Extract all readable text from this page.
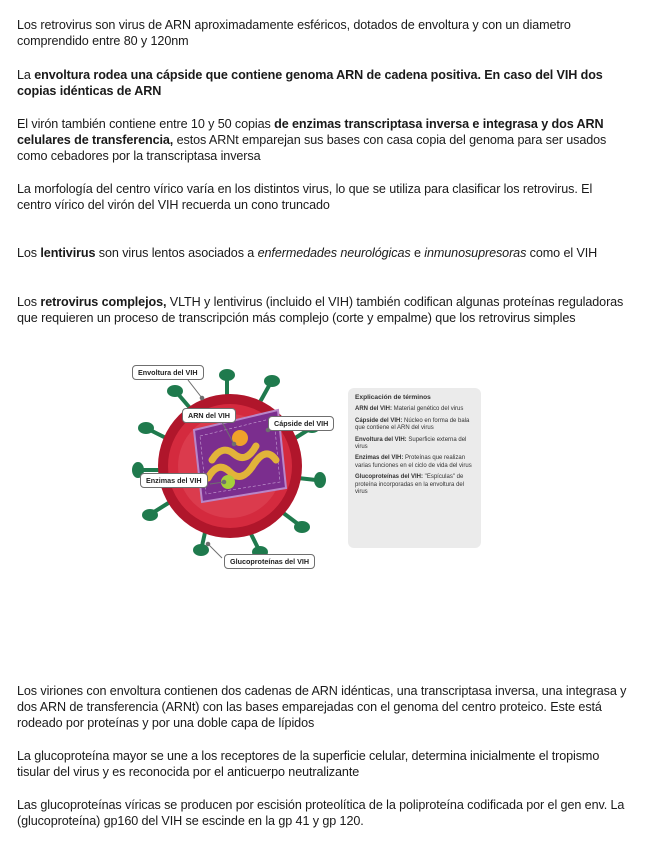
Los retrovirus son virus de ARN aproximadamente esféricos, dotados de envoltura y con un diametro comprendido entre 80 y 120nm

La envoltura rodea una cápside que contiene genoma ARN de cadena positiva. En caso del VIH dos copias idénticas de ARN

El virón también contiene entre 10 y 50 copias de enzimas transcriptasa inversa e integrasa y dos ARN celulares de transferencia, estos ARNt emparejan sus bases con casa copia del genoma para ser usados como cebadores por la transcriptasa inversa

La morfología del centro vírico varía en los distintos virus, lo que se utiliza para clasificar los retrovirus. El centro vírico del virón del VIH recuerda un cono truncado

Los lentivirus son virus lentos asociados a enfermedades neurológicas e inmunosupresoras como el VIH

Los retrovirus complejos, VLTH y lentivirus (incluido el VIH) también codifican algunas proteínas reguladoras que requieren un proceso de transcripción más complejo (corte y empalme) que los retrovirus simples

Envoltura del VIH
ARN del VIH
Cápside del VIH
Enzimas del VIH
Glucoproteínas del VIH
Explicación de términos
ARN del VIH: Material genético del virus
Cápside del VIH: Núcleo en forma de bala que contiene el ARN del virus
Envoltura del VIH: Superficie externa del virus
Enzimas del VIH: Proteínas que realizan varias funciones en el ciclo de vida del virus
Glucoproteínas del VIH: "Espículas" de proteína incorporadas en la envoltura del virus

Los viriones con envoltura contienen dos cadenas de ARN idénticas, una transcriptasa inversa, una integrasa y dos ARN de transferencia (ARNt) con las bases emparejadas con el genoma del centro proteico. Este está rodeado por proteínas y por una doble capa de lípidos

La glucoproteína mayor se une a los receptores de la superficie celular, determina inicialmente el tropismo tisular del virus y es reconocida por el anticuerpo neutralizante

Las glucoproteínas víricas se producen por escisión proteolítica de la poliproteína codificada por el gen env. La (glucoproteína) gp160 del VIH se escinde en la gp 41 y gp 120.
